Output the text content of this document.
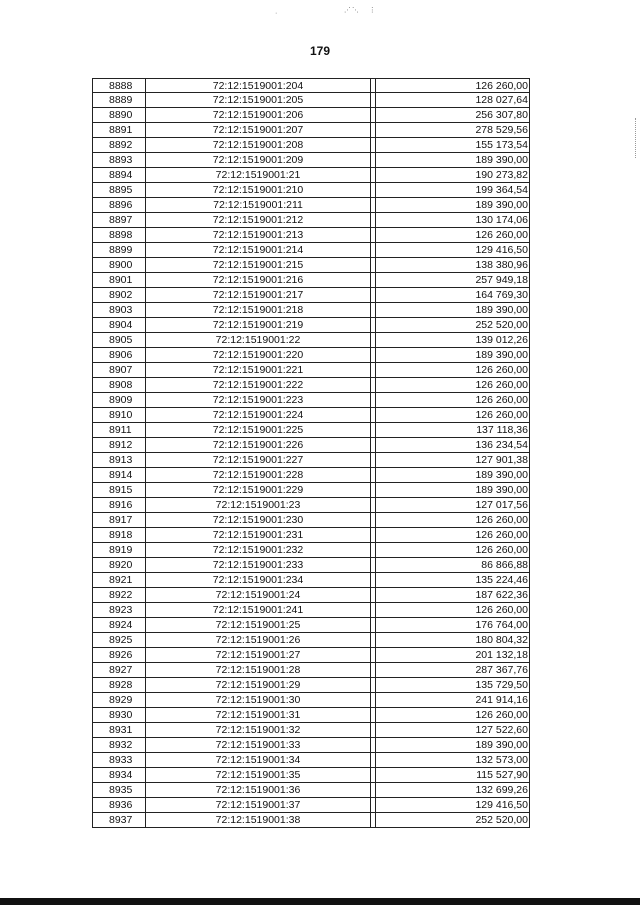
·	⋰⋱   ⋮
179
8888	72:12:1519001:204	126 260,00
8889	72:12:1519001:205	128 027,64
8890	72:12:1519001:206	256 307,80
8891	72:12:1519001:207	278 529,56
8892	72:12:1519001:208	155 173,54
8893	72:12:1519001:209	189 390,00
8894	72:12:1519001:21	190 273,82
8895	72:12:1519001:210	199 364,54
8896	72:12:1519001:211	189 390,00
8897	72:12:1519001:212	130 174,06
8898	72:12:1519001:213	126 260,00
8899	72:12:1519001:214	129 416,50
8900	72:12:1519001:215	138 380,96
8901	72:12:1519001:216	257 949,18
8902	72:12:1519001:217	164 769,30
8903	72:12:1519001:218	189 390,00
8904	72:12:1519001:219	252 520,00
8905	72:12:1519001:22	139 012,26
8906	72:12:1519001:220	189 390,00
8907	72:12:1519001:221	126 260,00
8908	72:12:1519001:222	126 260,00
8909	72:12:1519001:223	126 260,00
8910	72:12:1519001:224	126 260,00
8911	72:12:1519001:225	137 118,36
8912	72:12:1519001:226	136 234,54
8913	72:12:1519001:227	127 901,38
8914	72:12:1519001:228	189 390,00
8915	72:12:1519001:229	189 390,00
8916	72:12:1519001:23	127 017,56
8917	72:12:1519001:230	126 260,00
8918	72:12:1519001:231	126 260,00
8919	72:12:1519001:232	126 260,00
8920	72:12:1519001:233	86 866,88
8921	72:12:1519001:234	135 224,46
8922	72:12:1519001:24	187 622,36
8923	72:12:1519001:241	126 260,00
8924	72:12:1519001:25	176 764,00
8925	72:12:1519001:26	180 804,32
8926	72:12:1519001:27	201 132,18
8927	72:12:1519001:28	287 367,76
8928	72:12:1519001:29	135 729,50
8929	72:12:1519001:30	241 914,16
8930	72:12:1519001:31	126 260,00
8931	72:12:1519001:32	127 522,60
8932	72:12:1519001:33	189 390,00
8933	72:12:1519001:34	132 573,00
8934	72:12:1519001:35	115 527,90
8935	72:12:1519001:36	132 699,26
8936	72:12:1519001:37	129 416,50
8937	72:12:1519001:38	252 520,00
